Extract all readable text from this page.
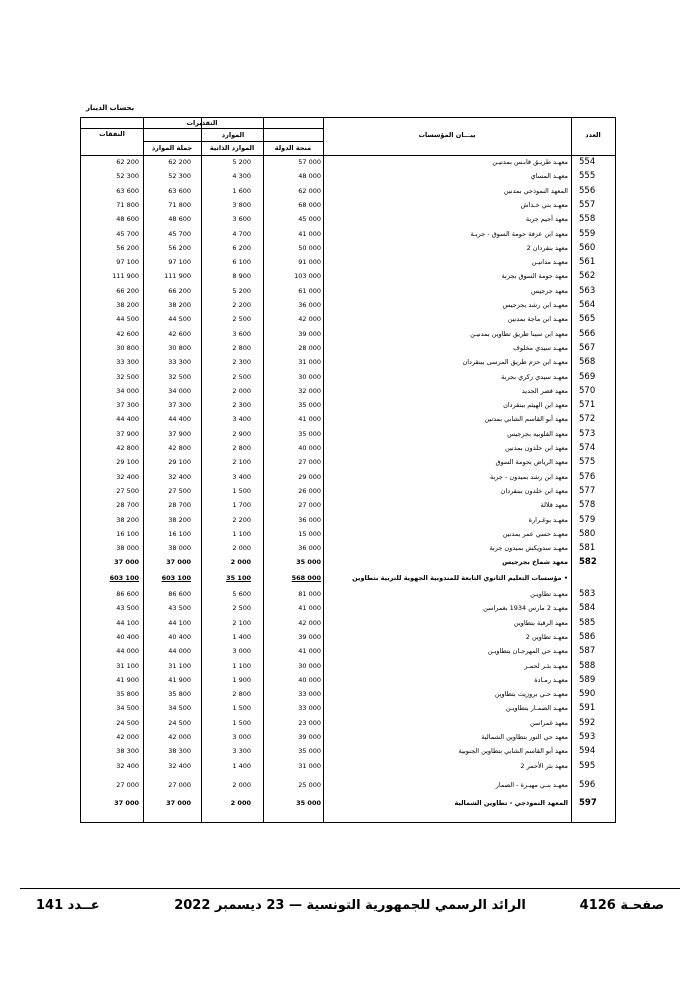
بحساب الدينار
التقديرات
الموارد
النفقات
منحة الدولة
الموارد الذاتية
جملة الموارد
بيـــان المؤسسات	العدد
554
معهـد طريـق قابـس بمدنيـن
57 000
5 200
62 200
62 200
555
معهـد المساي
48 000
4 300
52 300
52 300
556
المعهد النموذجي بمدنين
62 000
1 600
63 600
63 600
557
معهـد بني خـداش
68 000
3 800
71 800
71 800
558
معهد أجيم جربة
45 000
3 600
48 600
48 600
559
معهد ابن عرفة حومة السوق - جربـة
41 000
4 700
45 700
45 700
560
معهد بنقردان 2
50 000
6 200
56 200
56 200
561
معهـد مدانيـن
91 000
6 100
97 100
97 100
562
معهد حومة السوق بجربة
103 000
8 900
111 900
111 900
563
معهد جرجيس
61 000
5 200
66 200
66 200
564
معهـد ابن رشد بجرجيس
36 000
2 200
38 200
38 200
565
معهـد ابن ماجة بمدنين
42 000
2 500
44 500
44 500
566
معهد ابن سينا طريق تطاوين بمدنيـن
39 000
3 600
42 600
42 600
567
معهـد سيدي مخلوف
28 000
2 800
30 800
30 800
568
معهـد ابن حزم طريق المرسى ببنقردان
31 000
2 300
33 300
33 300
569
معهـد سيدي زكري بجربة
30 000
2 500
32 500
32 500
570
معهد قصر الجديد
32 000
2 000
34 000
34 000
571
معهد ابن الهيثم ببنقردان
35 000
2 300
37 300
37 300
572
معهد أبو القاسم الشابي بمدنين
41 000
3 400
44 400
44 400
573
معهد القلوبيه بجرجيس
35 000
2 900
37 900
37 900
574
معهد ابن خلدون بمدنين
40 000
2 800
42 800
42 800
575
معهد الرياض بحومة السوق
27 000
2 100
29 100
29 100
576
معهد ابن رشد بميدون - جربة
29 000
3 400
32 400
32 400
577
معهد ابن خلدون ببنقردان
26 000
1 500
27 500
27 500
578
معهد قلالة
27 000
1 700
28 700
28 700
579
معهـد بوغـرارة
36 000
2 200
38 200
38 200
580
معهـد حسي عمر بمدنين
15 000
1 100
16 100
16 100
581
معهـد سدويكش بميدون جربة
36 000
2 000
38 000
38 000
582
معهد شماخ بجرجيس
35 000
2 000
37 000
37 000
• مؤسسات التعليم الثانوي التابعة للمندوبية الجهوية للتربية بتطاوين
568 000
35 100
603 100
603 100
583
معهـد تطاويـن
81 000
5 600
86 600
86 600
584
معهـد 2 مارس 1934 بغمراسن
41 000
2 500
43 500
43 500
585
معهد الرقبة بتطاوين
42 000
2 100
44 100
44 100
586
معهـد تطاوين 2
39 000
1 400
40 400
40 400
587
معهـد حي المهرجـان بتطاويـن
41 000
3 000
44 000
44 000
588
معهـد بئـر لحمـر
30 000
1 100
31 100
31 100
589
معهـد رمـادة
40 000
1 900
41 900
41 900
590
معهـد حـي بروزيت بتطاوين
33 000
2 800
35 800
35 800
591
معهـد الصمـار بتطاويـن
33 000
1 500
34 500
34 500
592
معهد غمراسن
23 000
1 500
24 500
24 500
593
معهد حي النور بتطاوين الشمالية
39 000
3 000
42 000
42 000
594
معهد أبو القاسم الشابي بتطاوين الجنوبية
35 000
3 300
38 300
38 300
595
معهد بئر الأحمر 2
31 000
1 400
32 400
32 400
596
معهـد بنـي مهيـرة - الصمار
25 000
2 000
27 000
27 000
597
المعهد النموذجي - تطاوين الشمالية
35 000
2 000
37 000
37 000
صفحـة 4126
الرائد الرسمي للجمهورية التونسية — 23 ديسمبر 2022
عــدد 141
